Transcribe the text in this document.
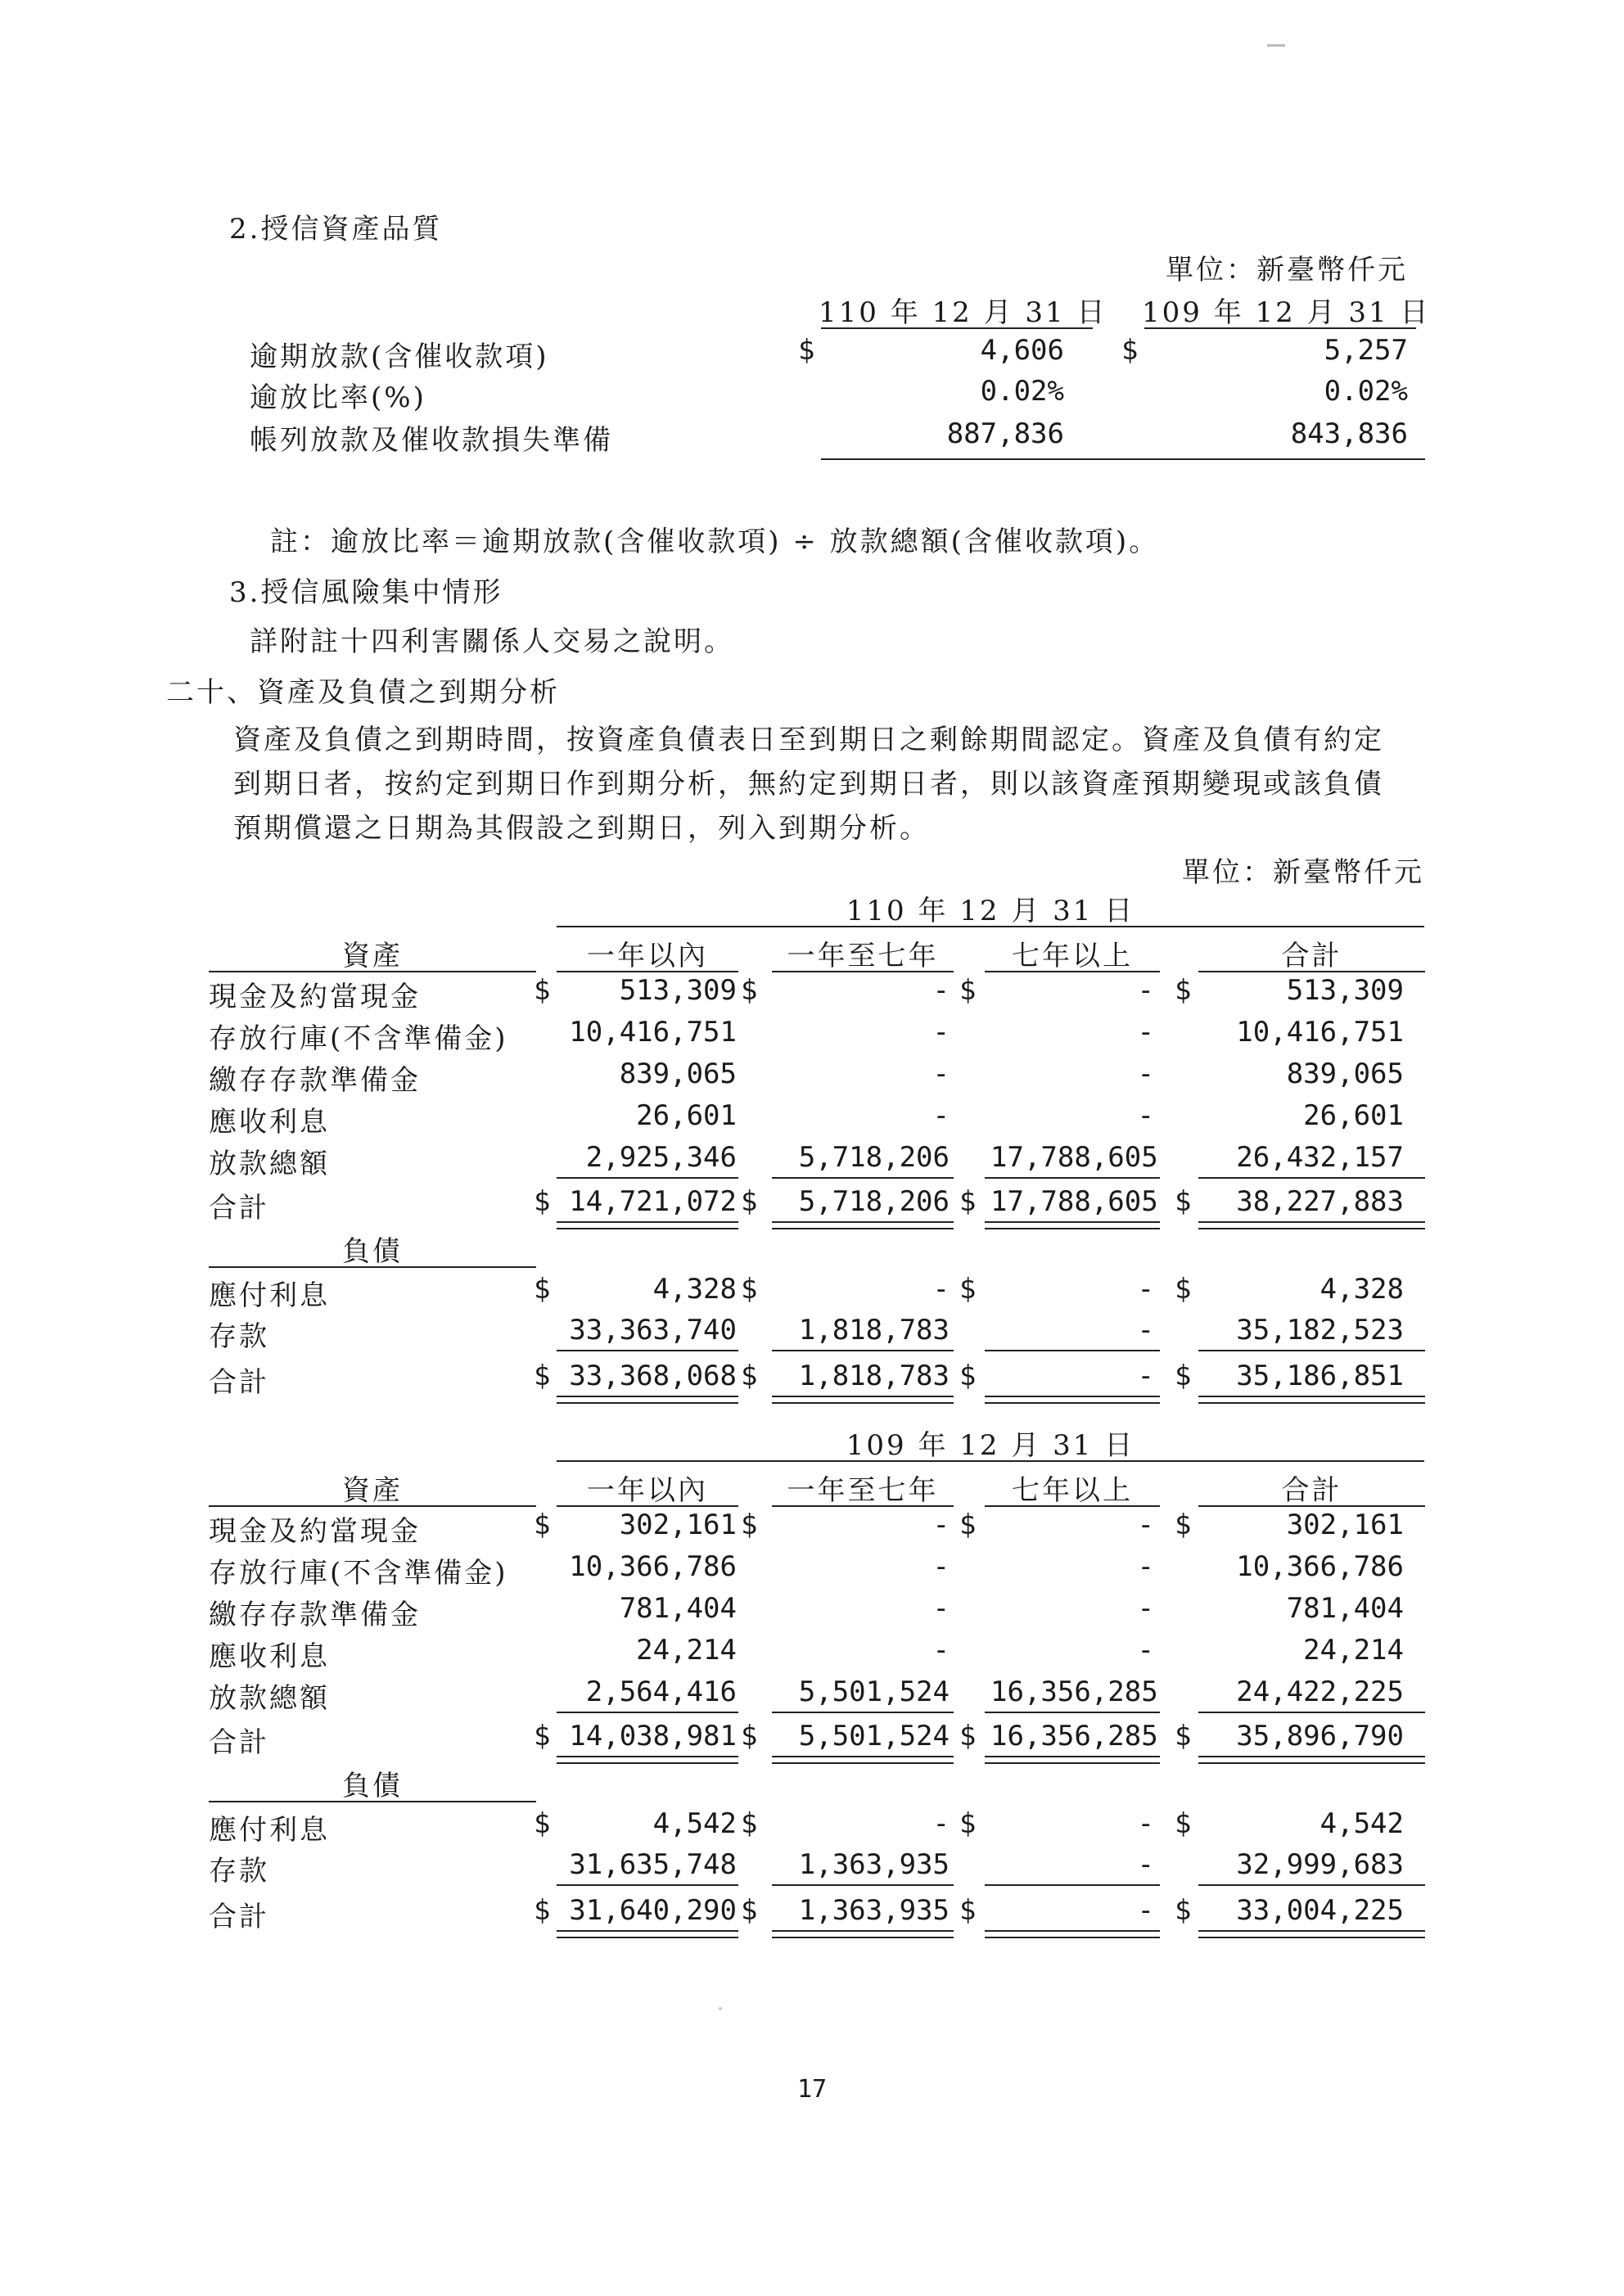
2.授信資產品質
單位：新臺幣仟元
110 年 12 月 31 日 109 年 12 月 31 日
逾期放款(含催收款項)	$	4,606 $	5,257
逾放比率(%)	0.02%	0.02%
帳列放款及催收款損失準備	887,836	843,836
註：逾放比率＝逾期放款(含催收款項) ÷ 放款總額(含催收款項)。
3.授信風險集中情形
詳附註十四利害關係人交易之說明。
二十、資產及負債之到期分析
資產及負債之到期時間，按資產負債表日至到期日之剩餘期間認定。資產及負債有約定
到期日者，按約定到期日作到期分析，無約定到期日者，則以該資產預期變現或該負債
預期償還之日期為其假設之到期日，列入到期分析。
單位：新臺幣仟元
110 年 12 月 31 日
資產	一年以內	一年至七年	七年以上	合計
現金及約當現金	$	513,309 $	- $	- $	513,309
存放行庫(不含準備金) 10,416,751	-	-	10,416,751
繳存存款準備金	839,065	-	-	839,065
應收利息	26,601	-	-	26,601
放款總額	2,925,346	5,718,206 17,788,605	26,432,157
合計	$ 14,721,072 $	5,718,206 $ 17,788,605 $	38,227,883
負債
應付利息	$	4,328 $	- $	- $	4,328
存款	33,363,740	1,818,783	-	35,182,523
合計	$ 33,368,068 $	1,818,783 $	- $	35,186,851
109 年 12 月 31 日
資產	一年以內	一年至七年	七年以上	合計
現金及約當現金	$	302,161 $	- $	- $	302,161
存放行庫(不含準備金) 10,366,786	-	-	10,366,786
繳存存款準備金	781,404	-	-	781,404
應收利息	24,214	-	-	24,214
放款總額	2,564,416	5,501,524 16,356,285	24,422,225
合計	$ 14,038,981 $	5,501,524 $ 16,356,285 $	35,896,790
負債
應付利息	$	4,542 $	- $	- $	4,542
存款	31,635,748	1,363,935	-	32,999,683
合計	$ 31,640,290 $	1,363,935 $	- $	33,004,225
17
